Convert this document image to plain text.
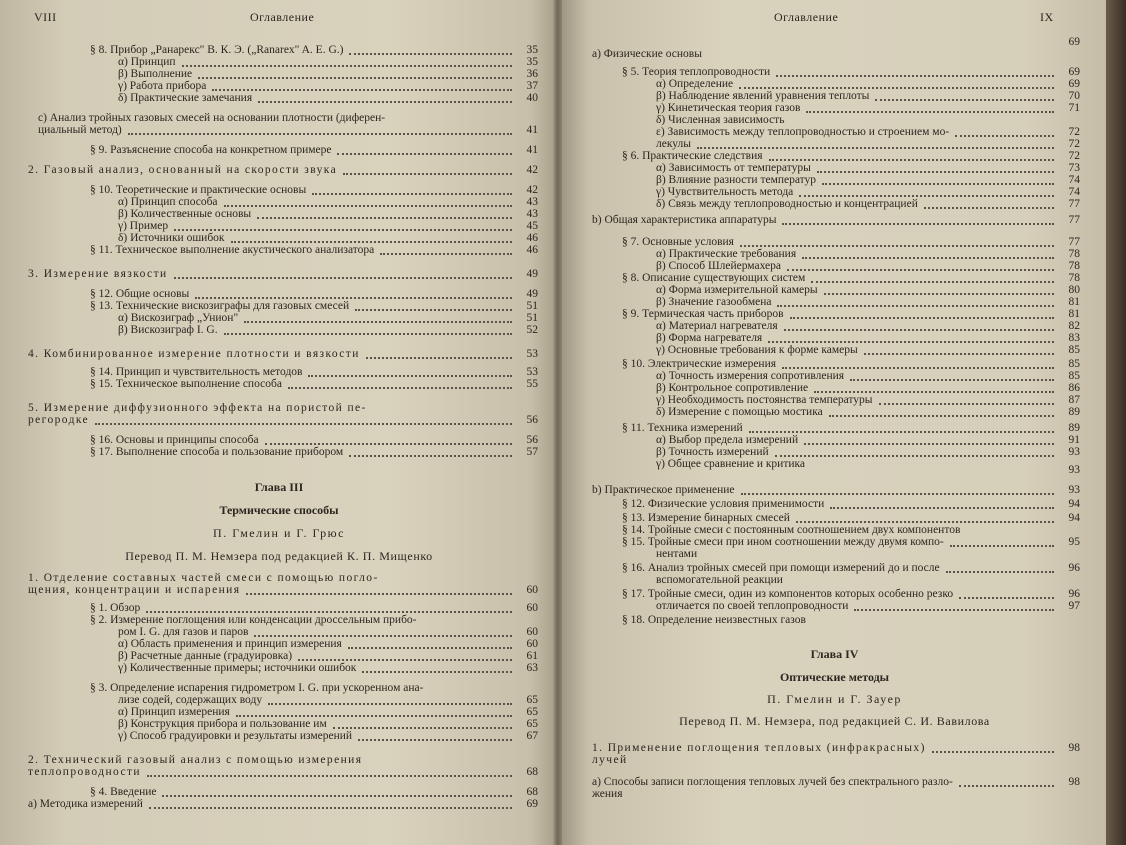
VIII	Оглавление
§ 8. Прибор „Ранарекс" В. К. Э. („Ranarex" A. E. G.)	35
α) Принцип	35
β) Выполнение	36
γ) Работа прибора	37
δ) Практические замечания	40
с) Анализ тройных газовых смесей на основании плотности (диферен-
циальный метод)	41
§ 9. Разъяснение способа на конкретном примере	41
2. Газовый анализ, основанный на скорости звука	42
§ 10. Теоретические и практические основы	42
α) Принцип способа	43
β) Количественные основы	43
γ) Пример	45
δ) Источники ошибок	46
§ 11. Техническое выполнение акустического анализатора	46
3. Измерение вязкости	49
§ 12. Общие основы	49
§ 13. Технические вискозиграфы для газовых смесей	51
α) Вискозиграф „Унион"	51
β) Вискозиграф I. G.	52
4. Комбинированное измерение плотности и вязкости	53
§ 14. Принцип и чувствительность методов	53
§ 15. Техническое выполнение способа	55
5. Измерение диффузионного эффекта на пористой пе-
регородке	56
§ 16. Основы и принципы способа	56
§ 17. Выполнение способа и пользование прибором	57
1. Отделение составных частей смеси с помощью погло-
щения, концентрации и испарения	60
§ 1. Обзор	60
§ 2. Измерение поглощения или конденсации дроссельным прибо-
ром I. G. для газов и паров	60
α) Область применения и принцип измерения	60
β) Расчетные данные (градуировка)	61
γ) Количественные примеры; источники ошибок	63
§ 3. Определение испарения гидрометром I. G. при ускоренном ана-
лизе содей, содержащих воду	65
α) Принцип измерения	65
β) Конструкция прибора и пользование им	65
γ) Способ градуировки и результаты измерений	67
2. Технический газовый анализ с помощью измерения
теплопроводности	68
§ 4. Введение	68
а) Методика измерений	69
Глава III
Термические способы
П. Гмелин и Г. Грюс
Перевод П. М. Немзера под редакцией К. П. Мищенко
Оглавление	IX
69
а) Физические основы
§ 5. Теория теплопроводности	69
α) Определение	69
β) Наблюдение явлений уравнения теплоты	70
γ) Кинетическая теория газов	71
δ) Численная зависимость
ε) Зависимость между теплопроводностью и строением мо-	72
лекулы	72
§ 6. Практические следствия	72
α) Зависимость от температуры	73
β) Влияние разности температур	74
γ) Чувствительность метода	74
δ) Связь между теплопроводностью и концентрацией	77
b) Общая характеристика аппаратуры	77
§ 7. Основные условия	77
α) Практические требования	78
β) Способ Шлейермахера	78
§ 8. Описание существующих систем	78
α) Форма измерительной камеры	80
β) Значение газообмена	81
§ 9. Термическая часть приборов	81
α) Материал нагревателя	82
β) Форма нагревателя	83
γ) Основные требования к форме камеры	85
§ 10. Электрические измерения	85
α) Точность измерения сопротивления	85
β) Контрольное сопротивление	86
γ) Необходимость постоянства температуры	87
δ) Измерение с помощью мостика	89
§ 11. Техника измерений	89
α) Выбор предела измерений	91
β) Точность измерений	93
γ) Общее сравнение и критика	93
b) Практическое применение	93
§ 12. Физические условия применимости	94
§ 13. Измерение бинарных смесей	94
§ 14. Тройные смеси с постоянным соотношением двух компонентов
§ 15. Тройные смеси при ином соотношении между двумя компо-	95
нентами
§ 16. Анализ тройных смесей при помощи измерений до и после	96
вспомогательной реакции
§ 17. Тройные смеси, один из компонентов которых особенно резко	96
отличается по своей теплопроводности	97
§ 18. Определение неизвестных газов
1. Применение поглощения тепловых (инфракрасных)	98
лучей
а) Способы записи поглощения тепловых лучей без спектрального разло-	98
жения
Глава IV
Оптические методы
П. Гмелин и Г. Зауер
Перевод П. М. Немзера, под редакцией С. И. Вавилова
